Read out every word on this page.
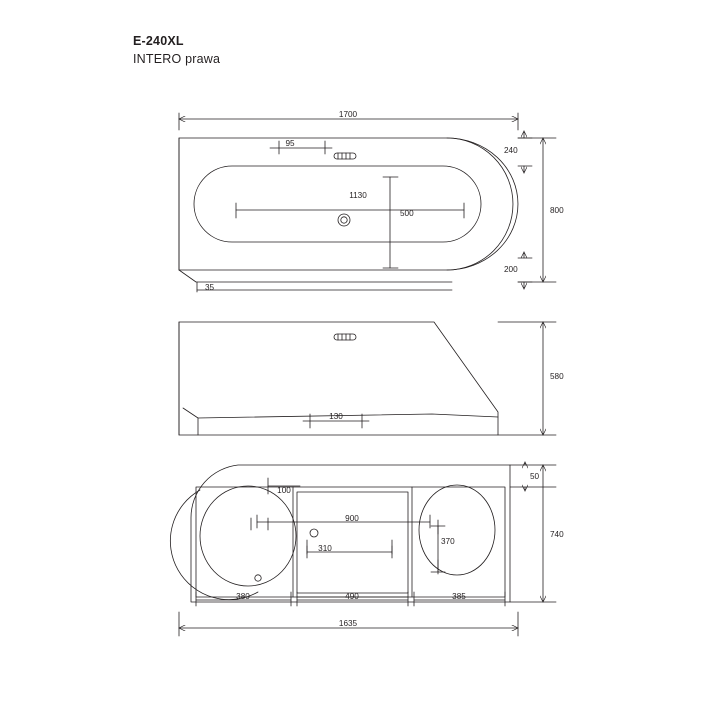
E-240XL

INTERO prawa

1700
95
240
800
1130
500
200
35
580
130
50
740
100
900
310
370
380	490	385
1635
